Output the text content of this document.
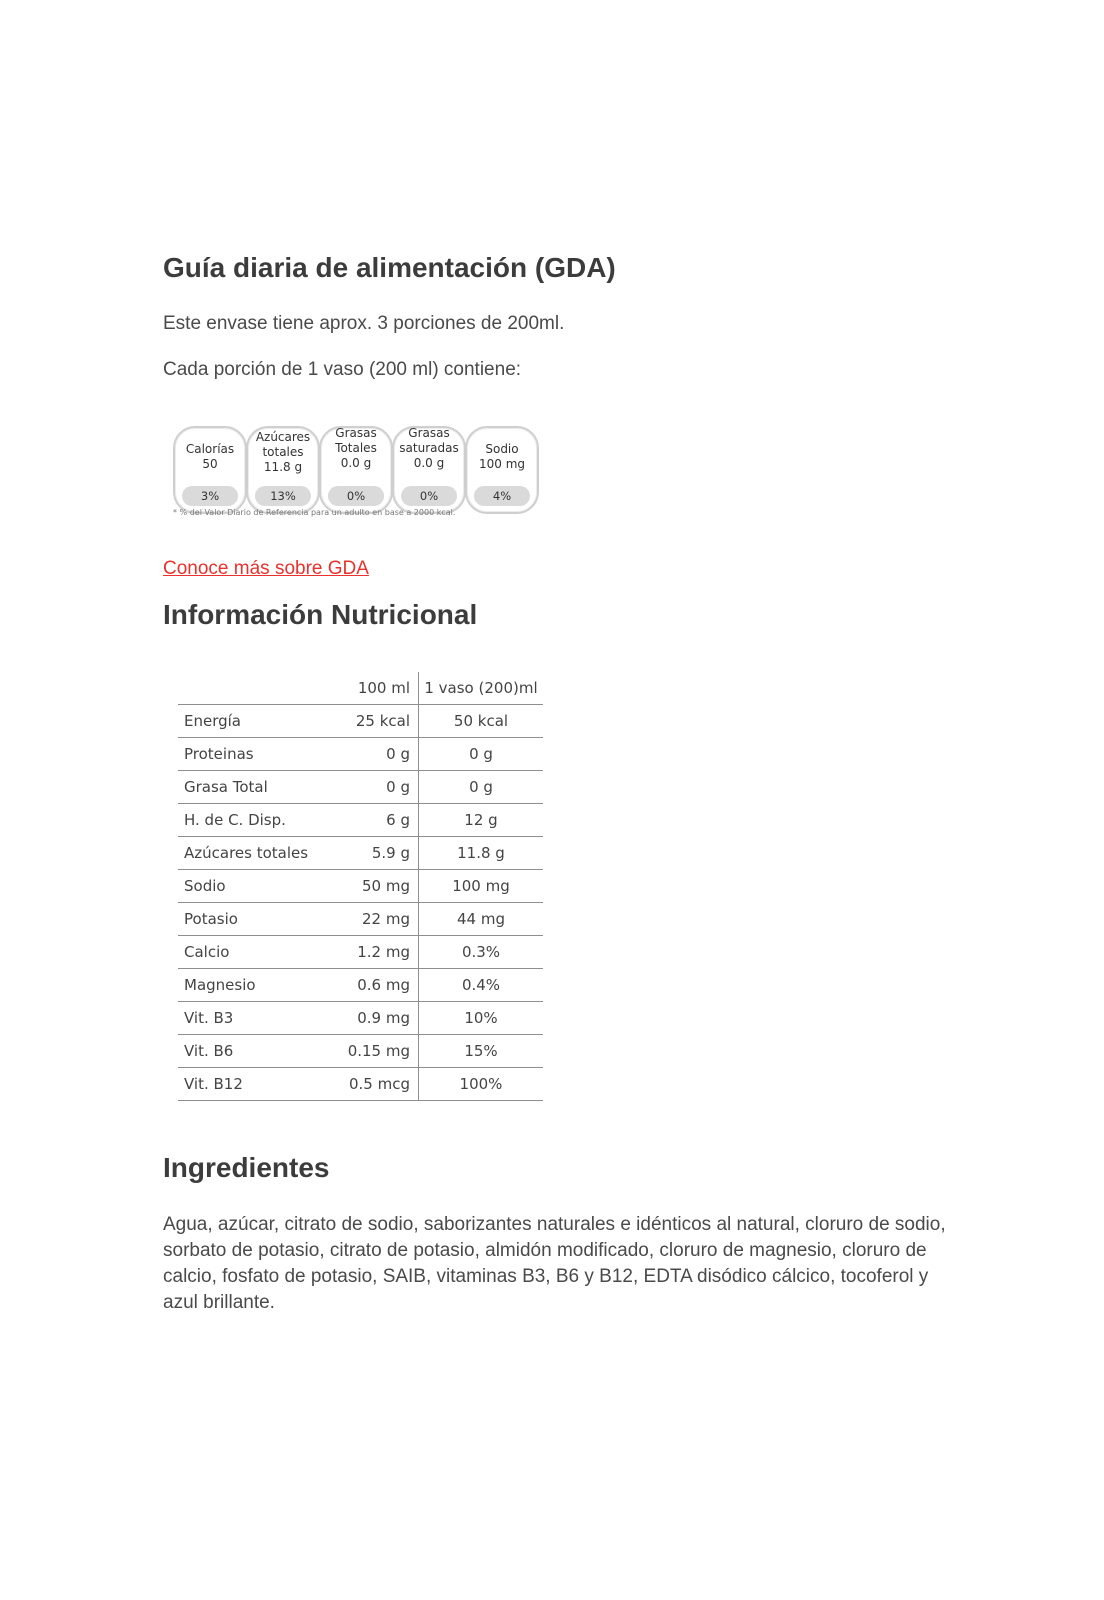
Guía diaria de alimentación (GDA)

Este envase tiene aprox. 3 porciones de 200ml.

Cada porción de 1 vaso (200 ml) contiene:

Calorías
50
3%
Azúcares
totales
11.8 g
13%
Grasas
Totales
0.0 g
0%
Grasas
saturadas
0.0 g
0%
Sodio
100 mg
4%
* % del Valor Diario de Referencia para un adulto en base a 2000 kcal.
Conoce más sobre GDA
Información Nutricional
	100 ml	1 vaso (200)ml
Energía	25 kcal	50 kcal
Proteinas	0 g	0 g
Grasa Total	0 g	0 g
H. de C. Disp.	6 g	12 g
Azúcares totales	5.9 g	11.8 g
Sodio	50 mg	100 mg
Potasio	22 mg	44 mg
Calcio	1.2 mg	0.3%
Magnesio	0.6 mg	0.4%
Vit. B3	0.9 mg	10%
Vit. B6	0.15 mg	15%
Vit. B12	0.5 mcg	100%
Ingredientes

Agua, azúcar, citrato de sodio, saborizantes naturales e idénticos al natural, cloruro de sodio, sorbato de potasio, citrato de potasio, almidón modificado, cloruro de magnesio, cloruro de calcio, fosfato de potasio, SAIB, vitaminas B3, B6 y B12, EDTA disódico cálcico, tocoferol y azul brillante.
